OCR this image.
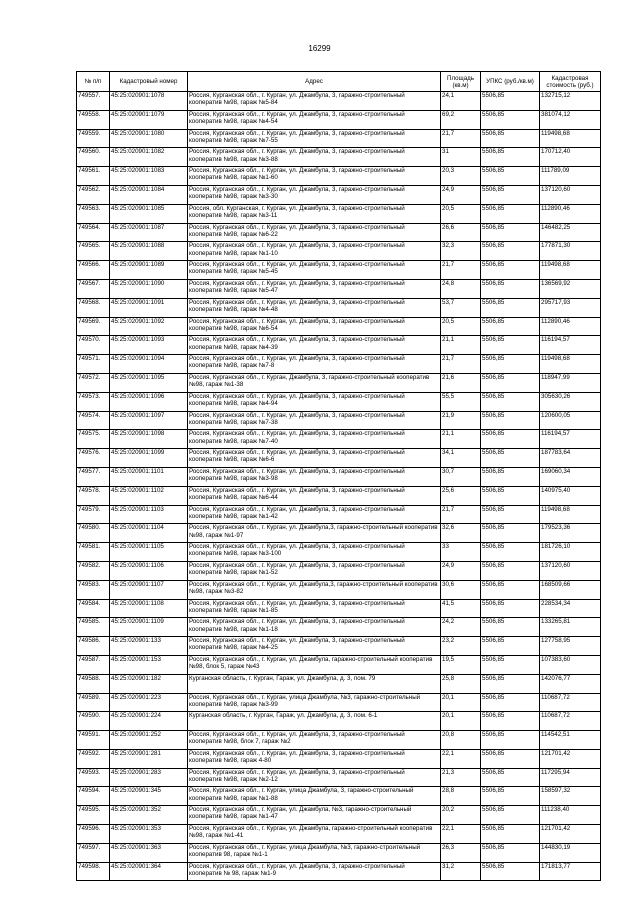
16299
№ п/п	Кадастровый номер	Адрес	Площадь (кв.м)	УПКС (руб./кв.м)	Кадастровая стоимость (руб.)
749557.	45:25:020901:1078	Россия, Курганская обл., г. Курган, ул. Джамбула, 3, гаражно-строительный кооператив №98, гараж №5-84	24,1	5506,85	132715,12
749558.	45:25:020901:1079	Россия, Курганская обл., г. Курган, ул. Джамбула, 3, гаражно-строительный кооператив №98, гараж №4-54	69,2	5506,85	381074,12
749559.	45:25:020901:1080	Россия, Курганская обл., г. Курган, ул. Джамбула, 3, гаражно-строительный кооператив №98, гараж №7-55	21,7	5506,85	119498,68
749560.	45:25:020901:1082	Россия, Курганская обл., г. Курган, ул. Джамбула, 3, гаражно-строительный кооператив №98, гараж №3-88	31	5506,85	170712,40
749561.	45:25:020901:1083	Россия, Курганская обл., г. Курган, ул. Джамбула, 3, гаражно-строительный кооператив №98, гараж №1-60	20,3	5506,85	111789,09
749562.	45:25:020901:1084	Россия, Курганская обл., г. Курган, ул. Джамбула, 3, гаражно-строительный кооператив №98, гараж №3-30	24,9	5506,85	137120,60
749563.	45:25:020901:1085	Россия, обл. Курганская, г. Курган, ул. Джамбула, 3, гаражно-строительный кооператив №98, гараж №3-11	20,5	5506,85	112890,46
749564.	45:25:020901:1087	Россия, Курганская обл., г. Курган, ул. Джамбула, 3, гаражно-строительный кооператив №98, гараж №6-22	26,6	5506,85	146482,25
749565.	45:25:020901:1088	Россия, Курганская обл., г. Курган, ул. Джамбула, 3, гаражно-строительный кооператив №98, гараж №1-10	32,3	5506,85	177871,30
749566.	45:25:020901:1089	Россия, Курганская обл., г. Курган, ул. Джамбула, 3, гаражно-строительный кооператив №98, гараж №5-45	21,7	5506,85	119498,68
749567.	45:25:020901:1090	Россия, Курганская обл., г. Курган, ул. Джамбула, 3, гаражно-строительный кооператив №98, гараж №5-47	24,8	5506,85	136569,92
749568.	45:25:020901:1091	Россия, Курганская обл., г. Курган, ул. Джамбула, 3, гаражно-строительный кооператив №98, гараж №4-48	53,7	5506,85	295717,93
749569.	45:25:020901:1092	Россия, Курганская обл., г. Курган, ул. Джамбула, 3, гаражно-строительный кооператив №98, гараж №6-54	20,5	5506,85	112890,46
749570.	45:25:020901:1093	Россия, Курганская обл., г. Курган, ул. Джамбула, 3, гаражно-строительный кооператив №98, гараж №4-39	21,1	5506,85	116194,57
749571.	45:25:020901:1094	Россия, Курганская обл., г. Курган, ул. Джамбула, 3, гаражно-строительный кооператив №98, гараж №7-8	21,7	5506,85	119498,68
749572.	45:25:020901:1095	Россия, Курганская обл., г. Курган, Джамбула, 3, гаражно-строительный кооператив №98, гараж №1-38	21,6	5506,85	118947,99
749573.	45:25:020901:1096	Россия, Курганская обл., г. Курган, ул. Джамбула, 3, гаражно-строительный кооператив №98, гараж №4-94	55,5	5506,85	305630,26
749574.	45:25:020901:1097	Россия, Курганская обл., г. Курган, ул. Джамбула, 3, гаражно-строительный кооператив №98, гараж №7-38	21,9	5506,85	120600,05
749575.	45:25:020901:1098	Россия, Курганская обл., г. Курган, ул. Джамбула, 3, гаражно-строительный кооператив №98, гараж №7-40	21,1	5506,85	116194,57
749576.	45:25:020901:1099	Россия, Курганская обл., г. Курган, ул. Джамбула, 3, гаражно-строительный кооператив №98, гараж №6-6	34,1	5506,85	187783,64
749577.	45:25:020901:1101	Россия, Курганская обл., г. Курган, ул. Джамбула, 3, гаражно-строительный кооператив №98, гараж №3-98	30,7	5506,85	169060,34
749578.	45:25:020901:1102	Россия, Курганская обл., г. Курган, ул. Джамбула, 3, гаражно-строительный кооператив №98, гараж №6-44	25,6	5506,85	140975,40
749579.	45:25:020901:1103	Россия, Курганская обл., г. Курган, ул. Джамбула, 3, гаражно-строительный кооператив №98, гараж №1-42	21,7	5506,85	119498,68
749580.	45:25:020901:1104	Россия, Курганская обл., г. Курган, ул. Джамбула,3, гаражно-строительный кооператив №98, гараж №1-97	32,6	5506,85	179523,36
749581.	45:25:020901:1105	Россия, Курганская обл., г. Курган, ул. Джамбула, 3, гаражно-строительный кооператив №98, гараж №3-100	33	5506,85	181726,10
749582.	45:25:020901:1106	Россия, Курганская обл., г. Курган, ул. Джамбула, 3, гаражно-строительный кооператив №98, гараж №1-52	24,9	5506,85	137120,60
749583.	45:25:020901:1107	Россия, Курганская обл., г. Курган, ул. Джамбула,3, гаражно-строительный кооператив №98, гараж №3-82	30,6	5506,85	168509,66
749584.	45:25:020901:1108	Россия, Курганская обл., г. Курган, ул. Джамбула, 3, гаражно-строительный кооператив №98, гараж №1-85	41,5	5506,85	228534,34
749585.	45:25:020901:1109	Россия, Курганская обл., г. Курган, ул. Джамбула, 3, гаражно-строительный кооператив №98, гараж №1-18	24,2	5506,85	133265,81
749586.	45:25:020901:133	Россия, Курганская обл., г. Курган, ул. Джамбула, 3, гаражно-строительный кооператив №98, гараж №4-25	23,2	5506,85	127758,95
749587.	45:25:020901:153	Россия, Курганская обл., г. Курган, ул. Джамбула, гаражно-строительный кооператив №98, блок 5, гараж №43	19,5	5506,85	107383,60
749588.	45:25:020901:182	Курганская область, г. Курган, Гараж, ул. Джамбула, д. 3, пом. 79	25,8	5506,85	142076,77
749589.	45:25:020901:223	Россия, Курганская обл., г. Курган, улица Джамбула, №3, гаражно-строительный кооператив №98, гараж №3-99	20,1	5506,85	110687,72
749590.	45:25:020901:224	Курганская область, г. Курган, Гараж, ул. Джамбула, д. 3, пом. 6-1	20,1	5506,85	110687,72
749591.	45:25:020901:252	Россия, Курганская обл., г. Курган, ул. Джамбула, 3, гаражно-строительный кооператив №98, блок 7, гараж №2	20,8	5506,85	114542,51
749592.	45:25:020901:281	Россия, Курганская обл., г. Курган, ул. Джамбула, 3, гаражно-строительный кооператив №98, гараж 4-80	22,1	5506,85	121701,42
749593.	45:25:020901:283	Россия, Курганская обл., г. Курган, ул. Джамбула, 3, гаражно-строительный кооператив №98, гараж №2-12	21,3	5506,85	117295,94
749594.	45:25:020901:345	Россия, Курганская обл., г. Курган, улица Джамбула, 3, гаражно-строительный кооператив №98, гараж №1-88	28,8	5506,85	158597,32
749595.	45:25:020901:352	Россия, Курганская обл., г. Курган, ул. Джамбула, №3, гаражно-строительный кооператив №98, гараж №1-47	20,2	5506,85	111238,40
749596.	45:25:020901:353	Россия, Курганская обл., г. Курган, ул. Джамбула, гаражно-строительный кооператив №98, гараж №1-41	22,1	5506,85	121701,42
749597.	45:25:020901:363	Россия, Курганская обл., г. Курган, улица Джамбула, №3, гаражно-строительный кооператив 98, гараж №1-1	26,3	5506,85	144830,19
749598.	45:25:020901:364	Россия, Курганская обл., г. Курган, ул. Джамбула, 3, гаражно-строительный кооператив № 98, гараж №1-9	31,2	5506,85	171813,77
